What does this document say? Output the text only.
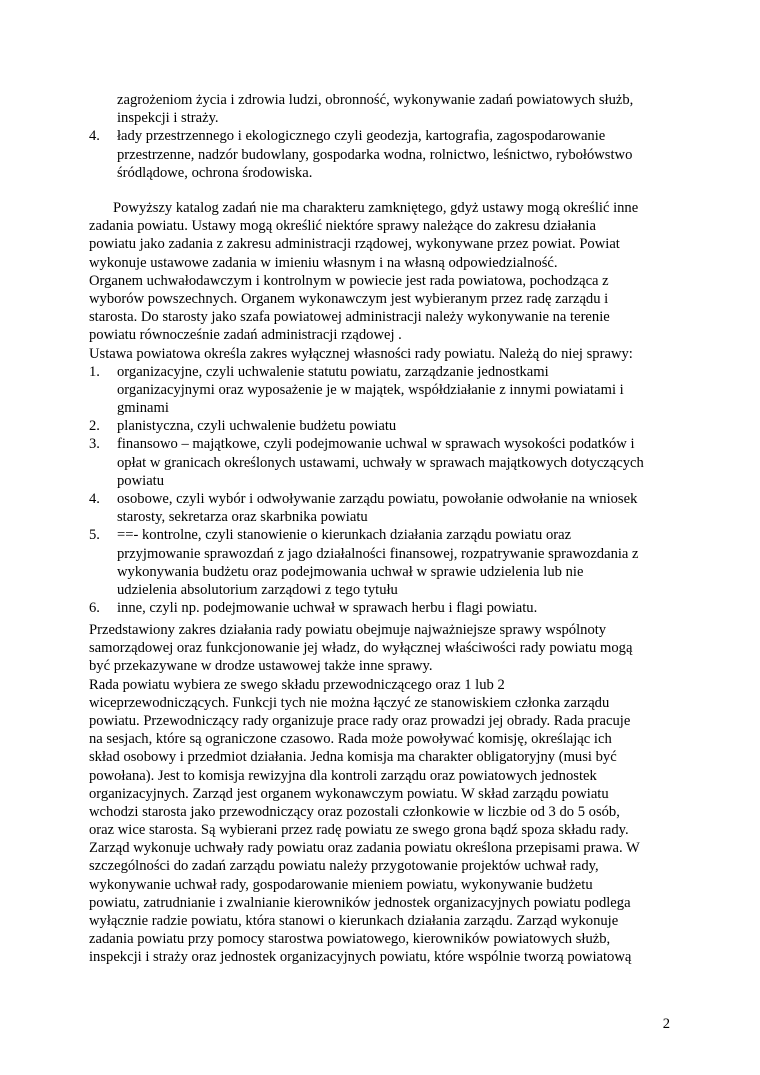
zagrożeniom życia i zdrowia ludzi, obronność, wykonywanie zadań powiatowych służb,
inspekcji i straży.
4. łady przestrzennego i ekologicznego czyli geodezja, kartografia, zagospodarowanie
przestrzenne, nadzór budowlany, gospodarka wodna, rolnictwo, leśnictwo, rybołówstwo
śródlądowe, ochrona środowiska.
Powyższy katalog zadań nie ma charakteru zamkniętego, gdyż ustawy mogą określić inne
zadania powiatu. Ustawy mogą określić niektóre sprawy należące do zakresu działania
powiatu jako zadania z zakresu administracji rządowej, wykonywane przez powiat. Powiat
wykonuje ustawowe zadania w imieniu własnym i na własną odpowiedzialność.
Organem uchwałodawczym i kontrolnym w powiecie jest rada powiatowa, pochodząca z
wyborów powszechnych. Organem wykonawczym jest wybieranym przez radę zarządu i
starosta. Do starosty jako szafa powiatowej administracji należy wykonywanie na terenie
powiatu równocześnie zadań administracji rządowej .
Ustawa powiatowa określa zakres wyłącznej własności rady powiatu. Należą do niej sprawy:
1. organizacyjne, czyli uchwalenie statutu powiatu, zarządzanie jednostkami
organizacyjnymi oraz wyposażenie je w majątek, współdziałanie z innymi powiatami i
gminami
2. planistyczna, czyli uchwalenie budżetu powiatu
3. finansowo – majątkowe, czyli podejmowanie uchwal w sprawach wysokości podatków i
opłat w granicach określonych ustawami, uchwały w sprawach majątkowych dotyczących
powiatu
4. osobowe, czyli wybór i odwoływanie zarządu powiatu, powołanie odwołanie na wniosek
starosty, sekretarza oraz skarbnika powiatu
5. ==- kontrolne, czyli stanowienie o kierunkach działania zarządu powiatu oraz
przyjmowanie sprawozdań z jago działalności finansowej, rozpatrywanie sprawozdania z
wykonywania budżetu oraz podejmowania uchwał w sprawie udzielenia lub nie
udzielenia absolutorium zarządowi z tego tytułu
6. inne, czyli np. podejmowanie uchwał w sprawach herbu i flagi powiatu.
Przedstawiony zakres działania rady powiatu obejmuje najważniejsze sprawy wspólnoty
samorządowej oraz funkcjonowanie jej władz, do wyłącznej właściwości rady powiatu mogą
być przekazywane w drodze ustawowej także inne sprawy.
Rada powiatu wybiera ze swego składu przewodniczącego oraz 1 lub 2
wiceprzewodniczących. Funkcji tych nie można łączyć ze stanowiskiem członka zarządu
powiatu. Przewodniczący rady organizuje prace rady oraz prowadzi jej obrady. Rada pracuje
na sesjach, które są ograniczone czasowo. Rada może powoływać komisję, określając ich
skład osobowy i przedmiot działania. Jedna komisja ma charakter obligatoryjny (musi być
powołana). Jest to komisja rewizyjna dla kontroli zarządu oraz powiatowych jednostek
organizacyjnych. Zarząd jest organem wykonawczym powiatu. W skład zarządu powiatu
wchodzi starosta jako przewodniczący oraz pozostali członkowie w liczbie od 3 do 5 osób,
oraz wice starosta. Są wybierani przez radę powiatu ze swego grona bądź spoza składu rady.
Zarząd wykonuje uchwały rady powiatu oraz zadania powiatu określona przepisami prawa. W
szczególności do zadań zarządu powiatu należy przygotowanie projektów uchwał rady,
wykonywanie uchwał rady, gospodarowanie mieniem powiatu, wykonywanie budżetu
powiatu, zatrudnianie i zwalnianie kierowników jednostek organizacyjnych powiatu podlega
wyłącznie radzie powiatu, która stanowi o kierunkach działania zarządu. Zarząd wykonuje
zadania powiatu przy pomocy starostwa powiatowego, kierowników powiatowych służb,
inspekcji i straży oraz jednostek organizacyjnych powiatu, które wspólnie tworzą powiatową
2
